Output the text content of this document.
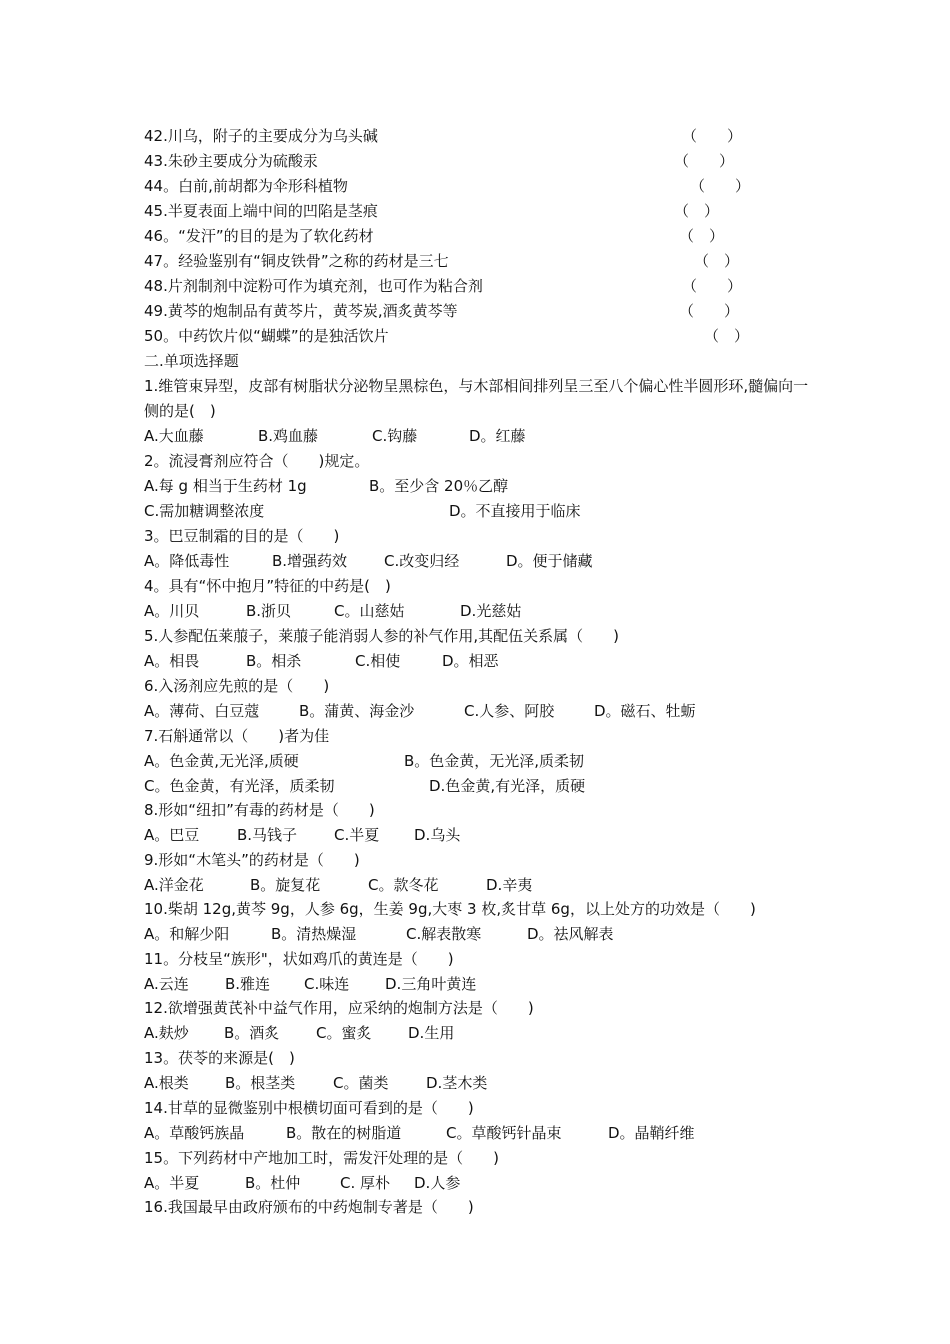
42.川乌，附子的主要成分为乌头碱	（　　）
43.朱砂主要成分为硫酸汞	（　　）
44。白前,前胡都为伞形科植物	（　　）
45.半夏表面上端中间的凹陷是茎痕	（　）
46。“发汗”的目的是为了软化药材	（　）
47。经验鉴别有“铜皮铁骨”之称的药材是三七	（　）
48.片剂制剂中淀粉可作为填充剂，也可作为粘合剂	（　　）
49.黄芩的炮制品有黄芩片，黄芩炭,酒炙黄芩等	（　　）
50。中药饮片似“蝴蝶”的是独活饮片	（　）
二.单项选择题
1.维管束异型，皮部有树脂状分泌物呈黑棕色，与木部相间排列呈三至八个偏心性半圆形环,髓偏向一侧的是(　)
A.大血藤	B.鸡血藤	C.钩藤	D。红藤
2。流浸膏剂应符合（　　)规定。
A.每 g 相当于生药材 1g	B。至少含 20％乙醇
C.需加糖调整浓度	D。不直接用于临床
3。巴豆制霜的目的是（　　)
A。降低毒性	B.增强药效 C.改变归经	D。便于储藏
4。具有“怀中抱月”特征的中药是(　)
A。川贝	B.浙贝	C。山慈姑	D.光慈姑
5.人参配伍莱菔子，莱菔子能消弱人参的补气作用,其配伍关系属（　　)
A。相畏	B。相杀	C.相使	D。相恶
6.入汤剂应先煎的是（　　)
A。薄荷、白豆蔻	B。蒲黄、海金沙	C.人参、阿胶	D。磁石、牡蛎
7.石斛通常以（　　)者为佳
A。色金黄,无光泽,质硬	B。色金黄，无光泽,质柔韧
C。色金黄，有光泽，质柔韧	D.色金黄,有光泽，质硬
8.形如“纽扣”有毒的药材是（　　)
A。巴豆	B.马钱子 C.半夏 D.乌头
9.形如“木笔头”的药材是（　　)
A.洋金花	B。旋复花	C。款冬花	D.辛夷
10.柴胡 12g,黄芩 9g，人参 6g，生姜 9g,大枣 3 枚,炙甘草 6g，以上处方的功效是（　　)
A。和解少阳	B。清热燥湿	C.解表散寒	D。祛风解表
11。分枝呈“族形"，状如鸡爪的黄连是（　　)
A.云连 B.雅连 C.味连 D.三角叶黄连
12.欲增强黄芪补中益气作用，应采纳的炮制方法是（　　)
A.麸炒 B。酒炙 C。蜜炙 D.生用
13。茯苓的来源是(　)
A.根类 B。根茎类	C。菌类	D.茎木类
14.甘草的显微鉴别中根横切面可看到的是（　　)
A。草酸钙族晶	B。散在的树脂道	C。草酸钙针晶束	D。晶鞘纤维
15。下列药材中产地加工时，需发汗处理的是（　　)
A。半夏	B。杜仲	C. 厚朴 D.人参
16.我国最早由政府颁布的中药炮制专著是（　　)
